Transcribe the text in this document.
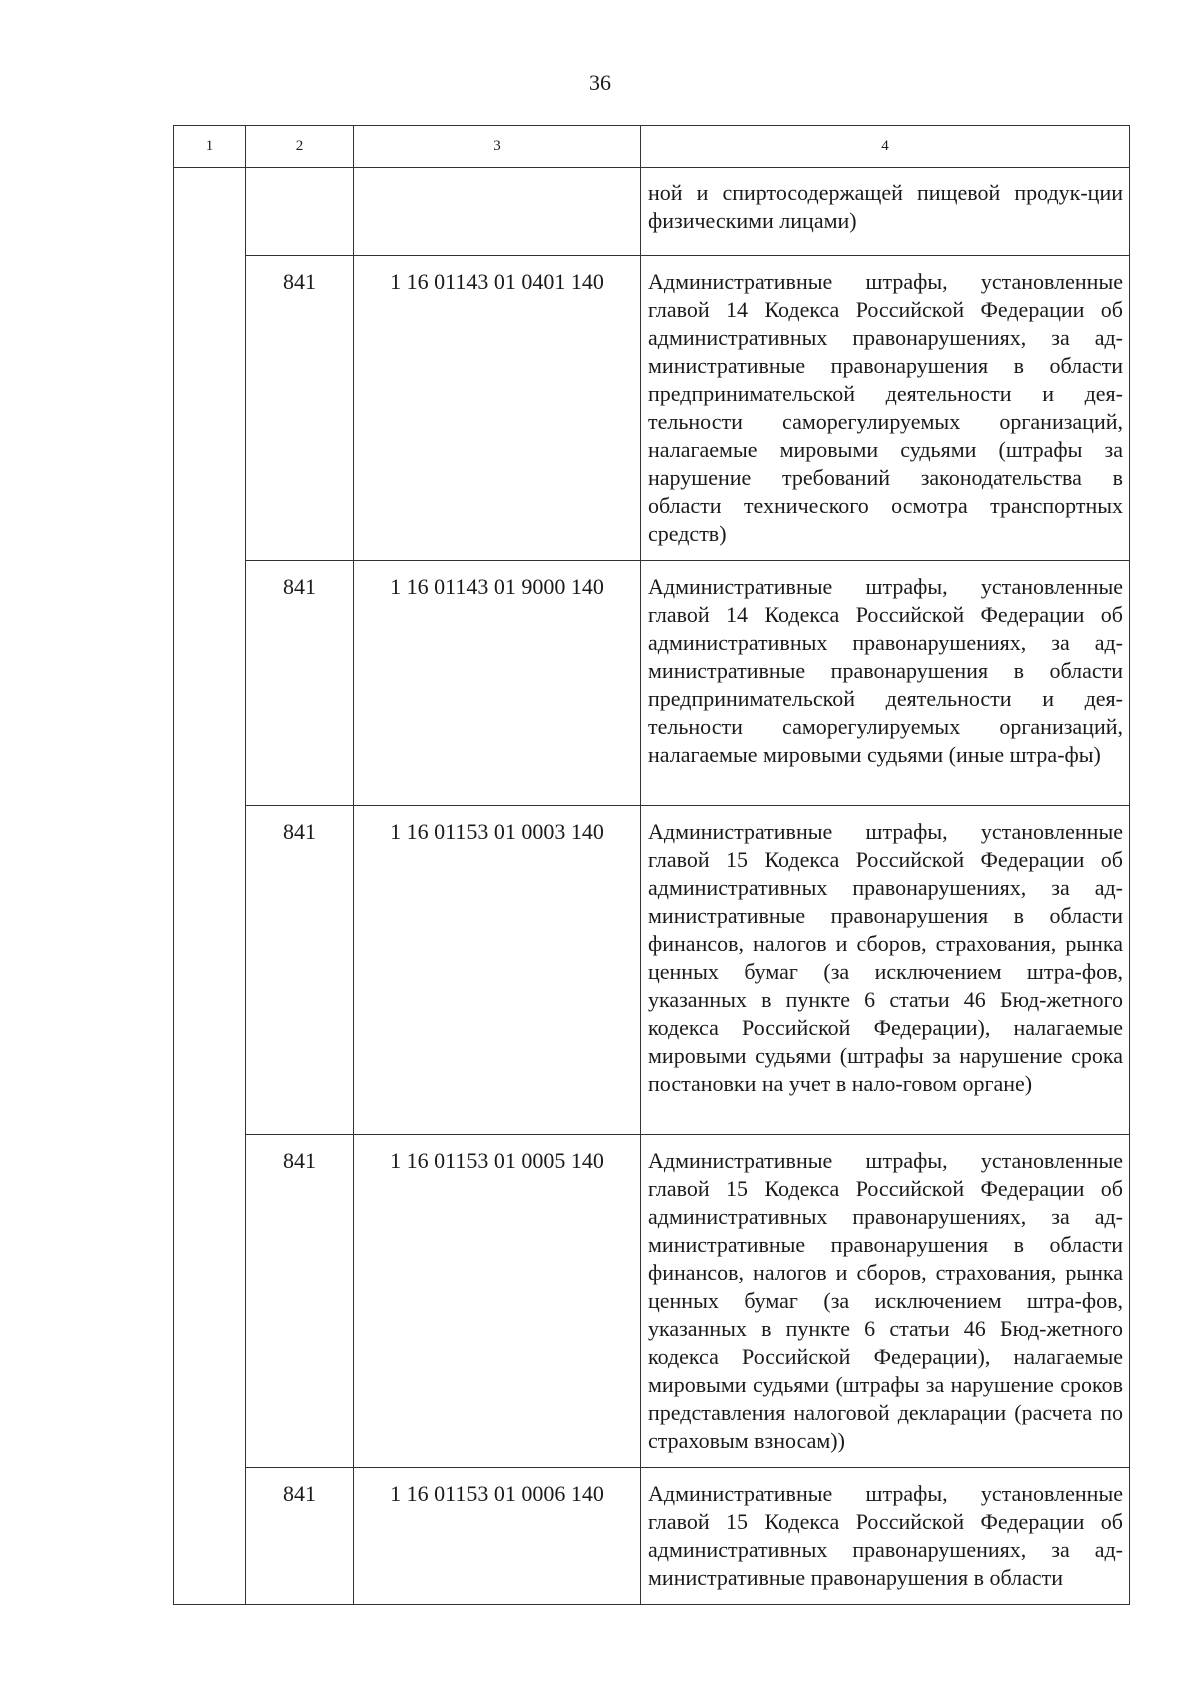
36
1	2	3	4

			ной и спиртосодержащей пищевой продук-ции физическими лицами)

	841	1 16 01143 01 0401 140	Административные штрафы, установленные главой 14 Кодекса Российской Федерации об административных правонарушениях, за ад-министративные правонарушения в области предпринимательской деятельности и дея-тельности саморегулируемых организаций, налагаемые мировыми судьями (штрафы за нарушение требований законодательства в области технического осмотра транспортных средств)

	841	1 16 01143 01 9000 140	Административные штрафы, установленные главой 14 Кодекса Российской Федерации об административных правонарушениях, за ад-министративные правонарушения в области предпринимательской деятельности и дея-тельности саморегулируемых организаций, налагаемые мировыми судьями (иные штра-фы)

	841	1 16 01153 01 0003 140	Административные штрафы, установленные главой 15 Кодекса Российской Федерации об административных правонарушениях, за ад-министративные правонарушения в области финансов, налогов и сборов, страхования, рынка ценных бумаг (за исключением штра-фов, указанных в пункте 6 статьи 46 Бюд-жетного кодекса Российской Федерации), налагаемые мировыми судьями (штрафы за нарушение срока постановки на учет в нало-говом органе)

	841	1 16 01153 01 0005 140	Административные штрафы, установленные главой 15 Кодекса Российской Федерации об административных правонарушениях, за ад-министративные правонарушения в области финансов, налогов и сборов, страхования, рынка ценных бумаг (за исключением штра-фов, указанных в пункте 6 статьи 46 Бюд-жетного кодекса Российской Федерации), налагаемые мировыми судьями (штрафы за нарушение сроков представления налоговой декларации (расчета по страховым взносам))

	841	1 16 01153 01 0006 140	Административные штрафы, установленные главой 15 Кодекса Российской Федерации об административных правонарушениях, за ад-министративные правонарушения в области
